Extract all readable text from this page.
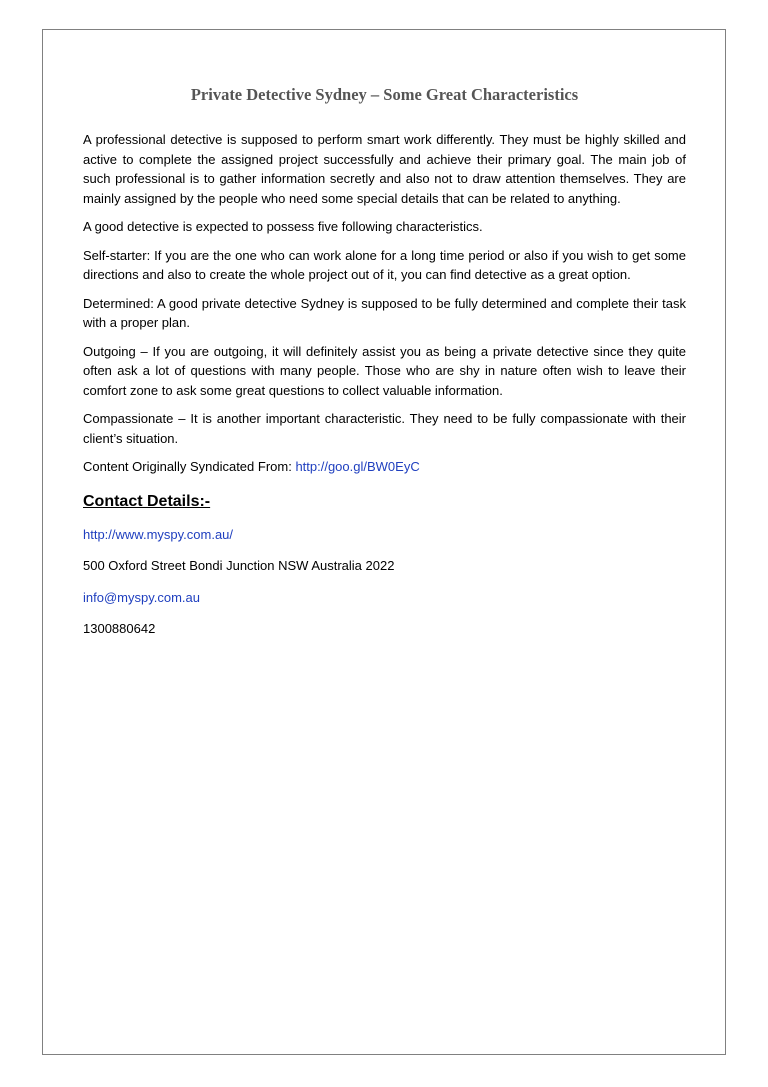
Private Detective Sydney – Some Great Characteristics

A professional detective is supposed to perform smart work differently. They must be highly skilled and active to complete the assigned project successfully and achieve their primary goal. The main job of such professional is to gather information secretly and also not to draw attention themselves. They are mainly assigned by the people who need some special details that can be related to anything.

A good detective is expected to possess five following characteristics.

Self-starter: If you are the one who can work alone for a long time period or also if you wish to get some directions and also to create the whole project out of it, you can find detective as a great option.

Determined: A good private detective Sydney is supposed to be fully determined and complete their task with a proper plan.

Outgoing – If you are outgoing, it will definitely assist you as being a private detective since they quite often ask a lot of questions with many people. Those who are shy in nature often wish to leave their comfort zone to ask some great questions to collect valuable information.

Compassionate – It is another important characteristic. They need to be fully compassionate with their client’s situation.

Content Originally Syndicated From: http://goo.gl/BW0EyC

Contact Details:-
http://www.myspy.com.au/
500 Oxford Street Bondi Junction NSW Australia 2022
info@myspy.com.au
1300880642
